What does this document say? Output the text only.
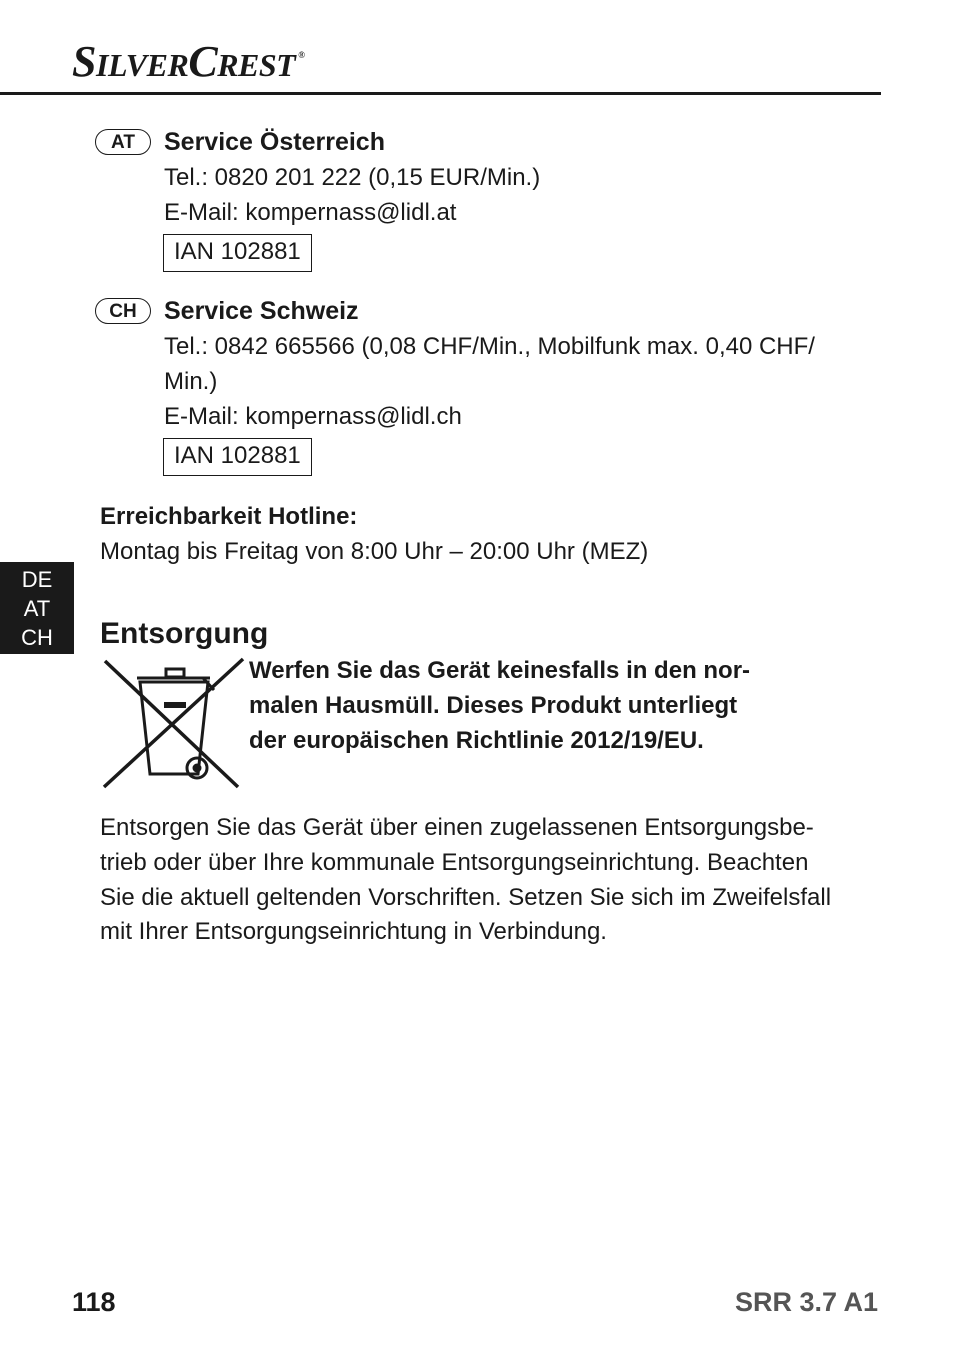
S ILVER C REST ®
AT	Service Österreich
Tel.: 0820 201 222 (0,15 EUR/Min.)
E-Mail: kompernass@lidl.at
IAN 102881
CH	Service Schweiz
Tel.: 0842 665566 (0,08 CHF/Min., Mobilfunk max. 0,40 CHF/
Min.)
E-Mail: kompernass@lidl.ch
IAN 102881
Erreichbarkeit Hotline:
Montag bis Freitag von 8:00 Uhr – 20:00 Uhr (MEZ)
DE
AT
CH	Entsorgung
Werfen Sie das Gerät keinesfalls in den nor-
malen Hausmüll. Dieses Produkt unterliegt
der europäischen Richtlinie 2012/19/EU.
Entsorgen Sie das Gerät über einen zugelassenen Entsorgungsbe-
trieb oder über Ihre kommunale Entsorgungseinrichtung. Beachten
Sie die aktuell geltenden Vorschriften. Setzen Sie sich im Zweifelsfall
mit Ihrer Entsorgungseinrichtung in Verbindung.
118	SRR 3.7 A1
